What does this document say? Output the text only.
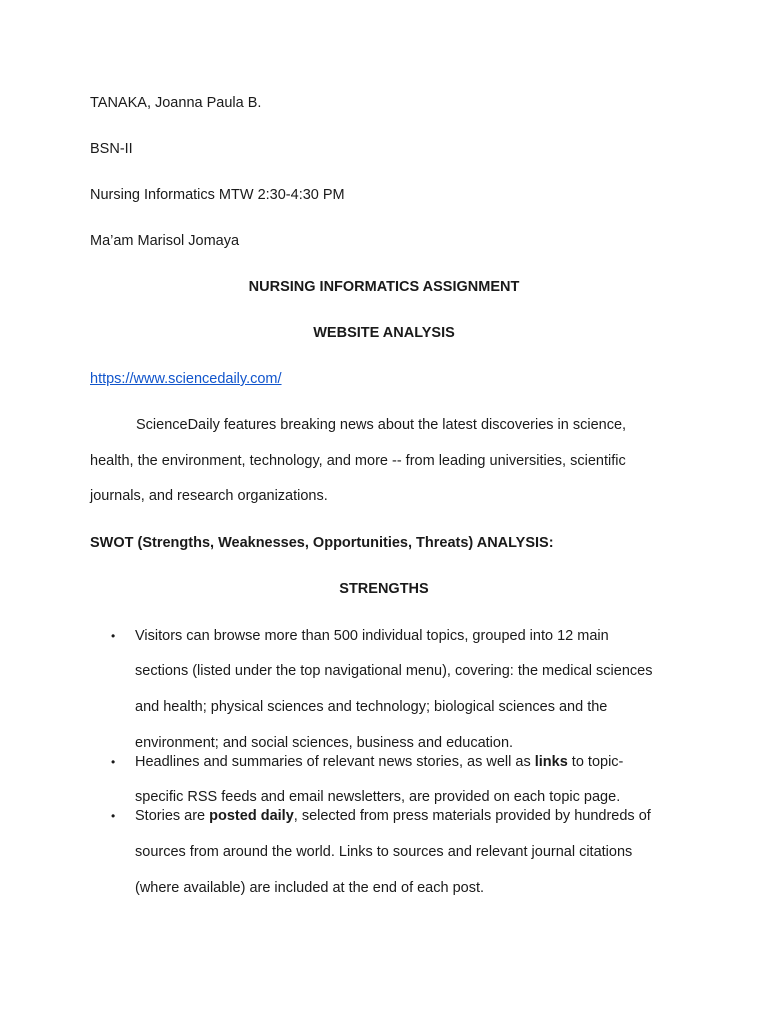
TANAKA, Joanna Paula B.
BSN-II
Nursing Informatics MTW 2:30-4:30 PM
Ma’am Marisol Jomaya
NURSING INFORMATICS ASSIGNMENT
WEBSITE ANALYSIS
https://www.sciencedaily.com/
ScienceDaily features breaking news about the latest discoveries in science,
health, the environment, technology, and more -- from leading universities, scientific
journals, and research organizations.
SWOT (Strengths, Weaknesses, Opportunities, Threats) ANALYSIS:
STRENGTHS
• Visitors can browse more than 500 individual topics, grouped into 12 main
sections (listed under the top navigational menu), covering: the medical sciences
and health; physical sciences and technology; biological sciences and the
environment; and social sciences, business and education.
• Headlines and summaries of relevant news stories, as well as links to topic-
specific RSS feeds and email newsletters, are provided on each topic page.
• Stories are posted daily, selected from press materials provided by hundreds of
sources from around the world. Links to sources and relevant journal citations
(where available) are included at the end of each post.
